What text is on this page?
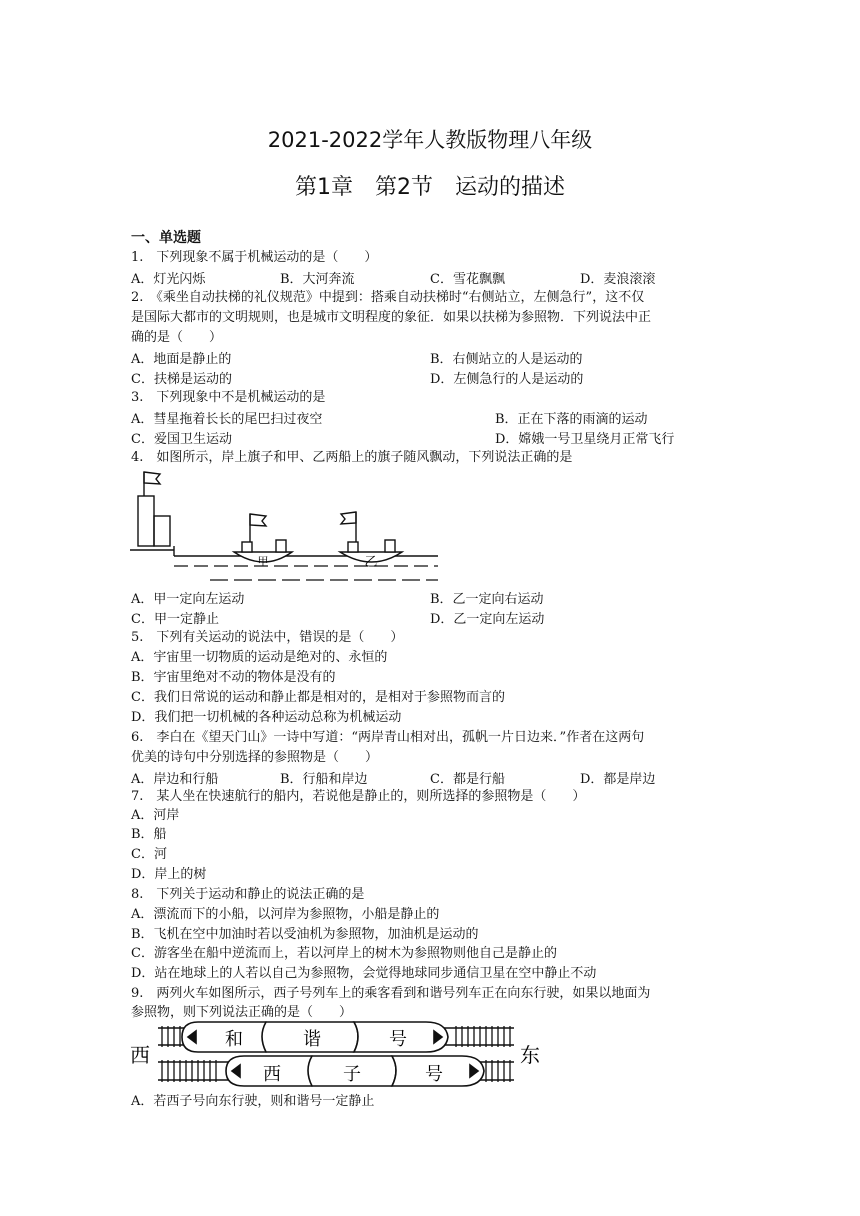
2021-2022学年人教版物理八年级
第1章　第2节　运动的描述
一、单选题
1.　下列现象不属于机械运动的是（　　）
A．灯光闪烁	B．大河奔流	C．雪花飘飘	D．麦浪滚滚
2.　《乘坐自动扶梯的礼仪规范》中提到：搭乘自动扶梯时“右侧站立，左侧急行”，这不仅
是国际大都市的文明规则，也是城市文明程度的象征．如果以扶梯为参照物．下列说法中正
确的是（　　）
A．地面是静止的	B．右侧站立的人是运动的
C．扶梯是运动的	D．左侧急行的人是运动的
3.　下列现象中不是机械运动的是
A．彗星拖着长长的尾巴扫过夜空	B．正在下落的雨滴的运动
C．爱国卫生运动	D．嫦娥一号卫星绕月正常飞行
4.　如图所示，岸上旗子和甲、乙两船上的旗子随风飘动，下列说法正确的是
甲	乙
A．甲一定向左运动	B．乙一定向右运动
C．甲一定静止	D．乙一定向左运动
5.　下列有关运动的说法中，错误的是（　　）
A．宇宙里一切物质的运动是绝对的、永恒的
B．宇宙里绝对不动的物体是没有的
C．我们日常说的运动和静止都是相对的，是相对于参照物而言的
D．我们把一切机械的各种运动总称为机械运动
6.　李白在《望天门山》一诗中写道：“两岸青山相对出，孤帆一片日边来．”作者在这两句
优美的诗句中分别选择的参照物是（　　）
A．岸边和行船	B．行船和岸边	C．都是行船	D．都是岸边
7.　某人坐在快速航行的船内，若说他是静止的，则所选择的参照物是（　　）
A．河岸
B．船
C．河
D．岸上的树
8.　下列关于运动和静止的说法正确的是
A．漂流而下的小船，以河岸为参照物，小船是静止的
B．飞机在空中加油时若以受油机为参照物，加油机是运动的
C．游客坐在船中逆流而上，若以河岸上的树木为参照物则他自己是静止的
D．站在地球上的人若以自己为参照物，会觉得地球同步通信卫星在空中静止不动
9.　两列火车如图所示，西子号列车上的乘客看到和谐号列车正在向东行驶，如果以地面为
参照物，则下列说法正确的是（　　）
西	东
和	谐	号
西	子	号
A．若西子号向东行驶，则和谐号一定静止
